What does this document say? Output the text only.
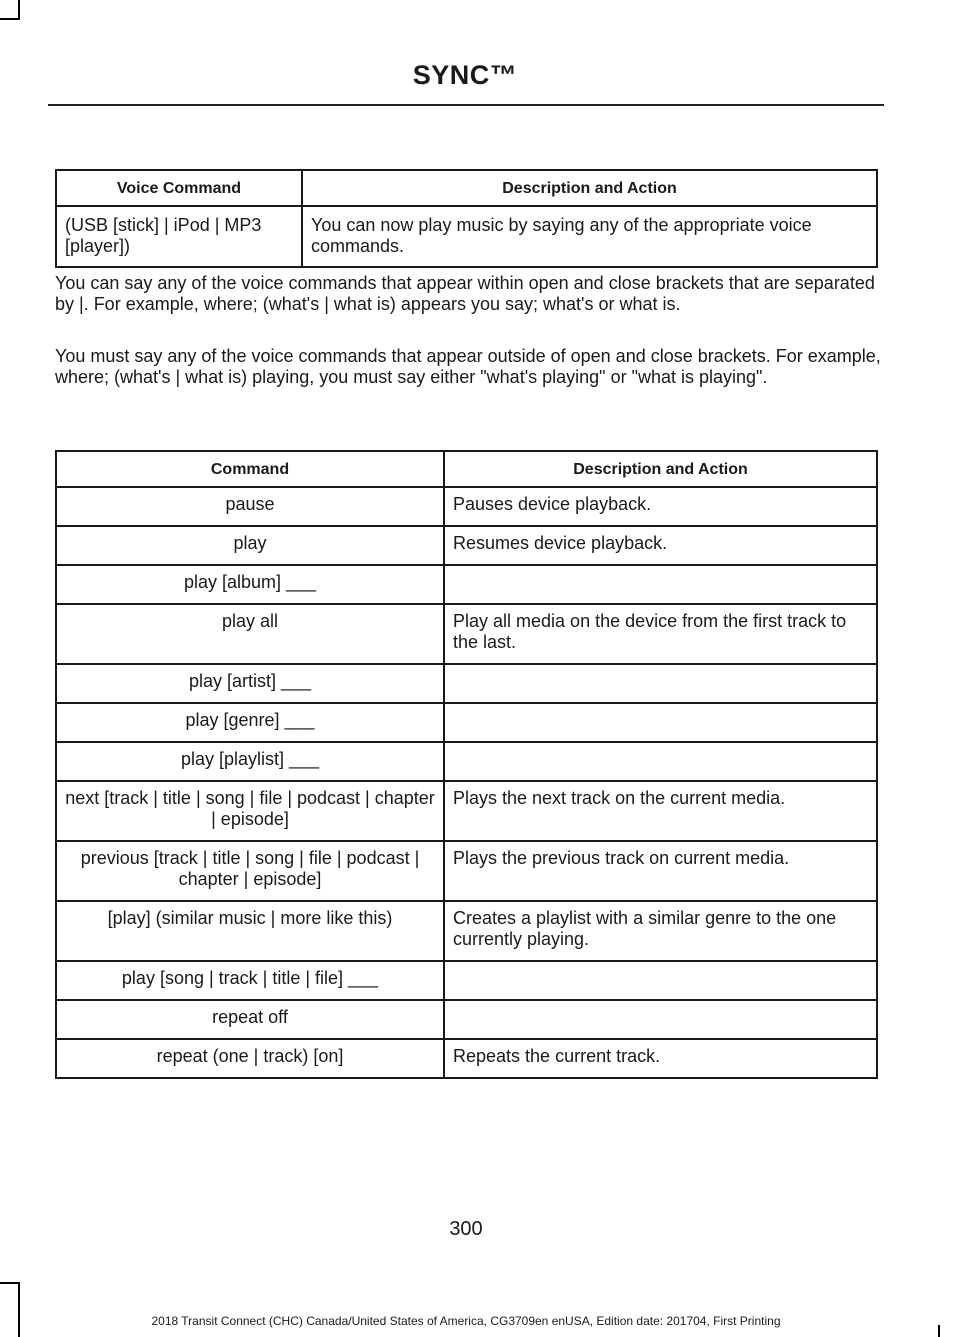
SYNC™
Voice Command	Description and Action
(USB [stick] | iPod | MP3 [player])	You can now play music by saying any of the appropriate voice commands.

You can say any of the voice commands that appear within open and close brackets that are separated by |. For example, where; (what's | what is) appears you say; what's or what is.

You must say any of the voice commands that appear outside of open and close brackets. For example, where; (what's | what is) playing, you must say either "what's playing" or "what is playing".

Command	Description and Action
pause	Pauses device playback.
play	Resumes device playback.
play [album] ___	
play all	Play all media on the device from the first track to the last.
play [artist] ___	
play [genre] ___	
play [playlist] ___	
next [track | title | song | file | podcast | chapter | episode]	Plays the next track on the current media.
previous [track | title | song | file | podcast | chapter | episode]	Plays the previous track on current media.
[play] (similar music | more like this)	Creates a playlist with a similar genre to the one currently playing.
play [song | track | title | file] ___	
repeat off	
repeat (one | track) [on]	Repeats the current track.
300
2018 Transit Connect (CHC) Canada/United States of America, CG3709en enUSA, Edition date: 201704, First Printing
